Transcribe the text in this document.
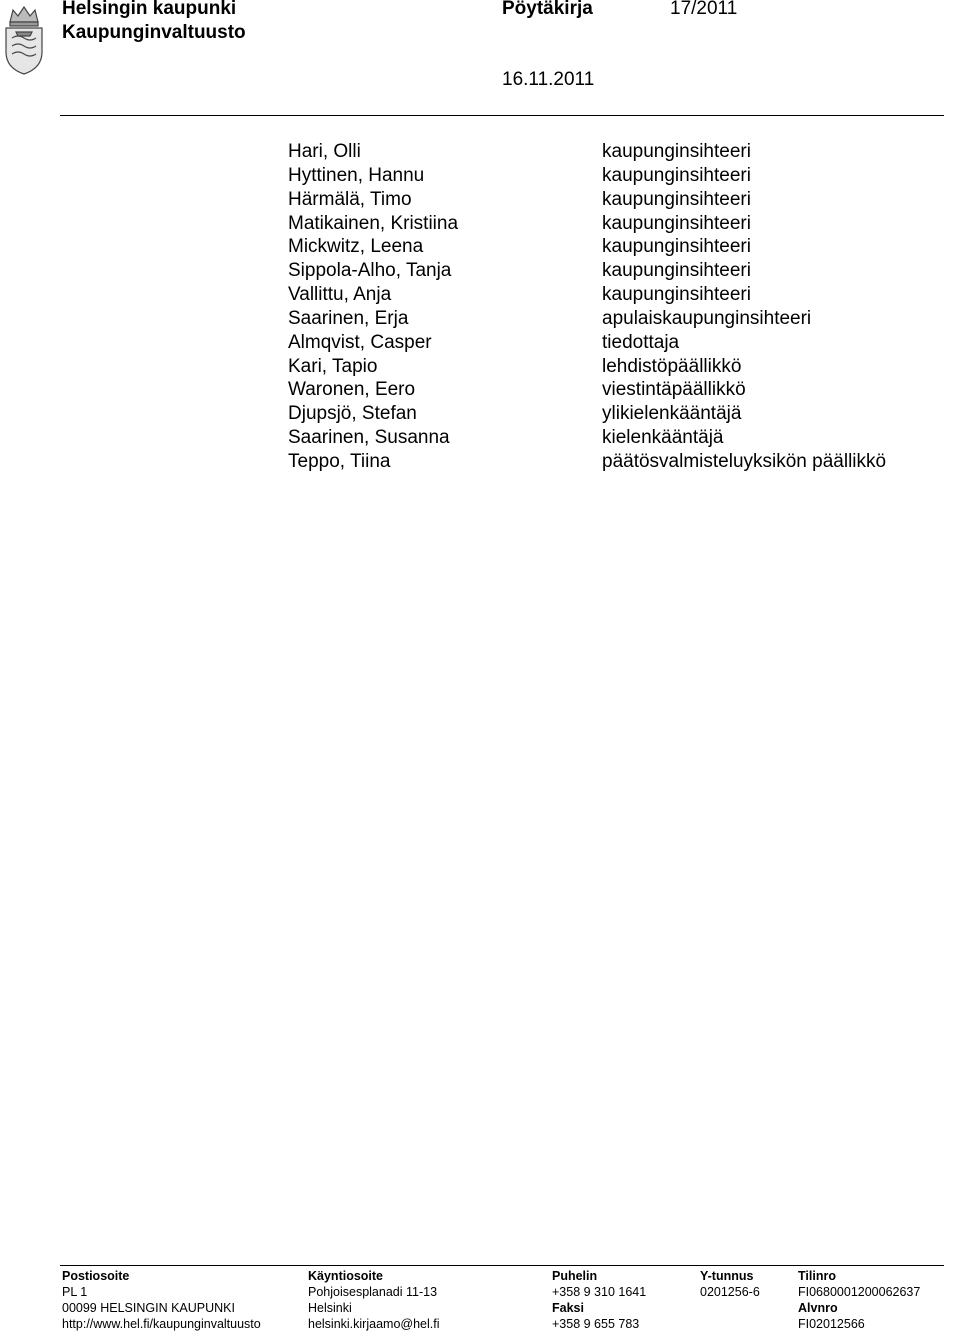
Helsingin kaupunki
Kaupunginvaltuusto
Pöytäkirja	17/2011
16.11.2011
Hari, Olli
Hyttinen, Hannu
Härmälä, Timo
Matikainen, Kristiina
Mickwitz, Leena
Sippola-Alho, Tanja
Vallittu, Anja
Saarinen, Erja
Almqvist, Casper
Kari, Tapio
Waronen, Eero
Djupsjö, Stefan
Saarinen, Susanna
Teppo, Tiina
kaupunginsihteeri
kaupunginsihteeri
kaupunginsihteeri
kaupunginsihteeri
kaupunginsihteeri
kaupunginsihteeri
kaupunginsihteeri
apulaiskaupunginsihteeri
tiedottaja
lehdistöpäällikkö
viestintäpäällikkö
ylikielenkääntäjä
kielenkääntäjä
päätösvalmisteluyksikön päällikkö
Postiosoite
PL 1
00099 HELSINGIN KAUPUNKI
http://www.hel.fi/kaupunginvaltuusto
Käyntiosoite
Pohjoisesplanadi 11-13
Helsinki
helsinki.kirjaamo@hel.fi
Puhelin
+358 9 310 1641
Faksi
+358 9 655 783
Y-tunnus
0201256-6
Tilinro
FI0680001200062637
Alvnro
FI02012566
